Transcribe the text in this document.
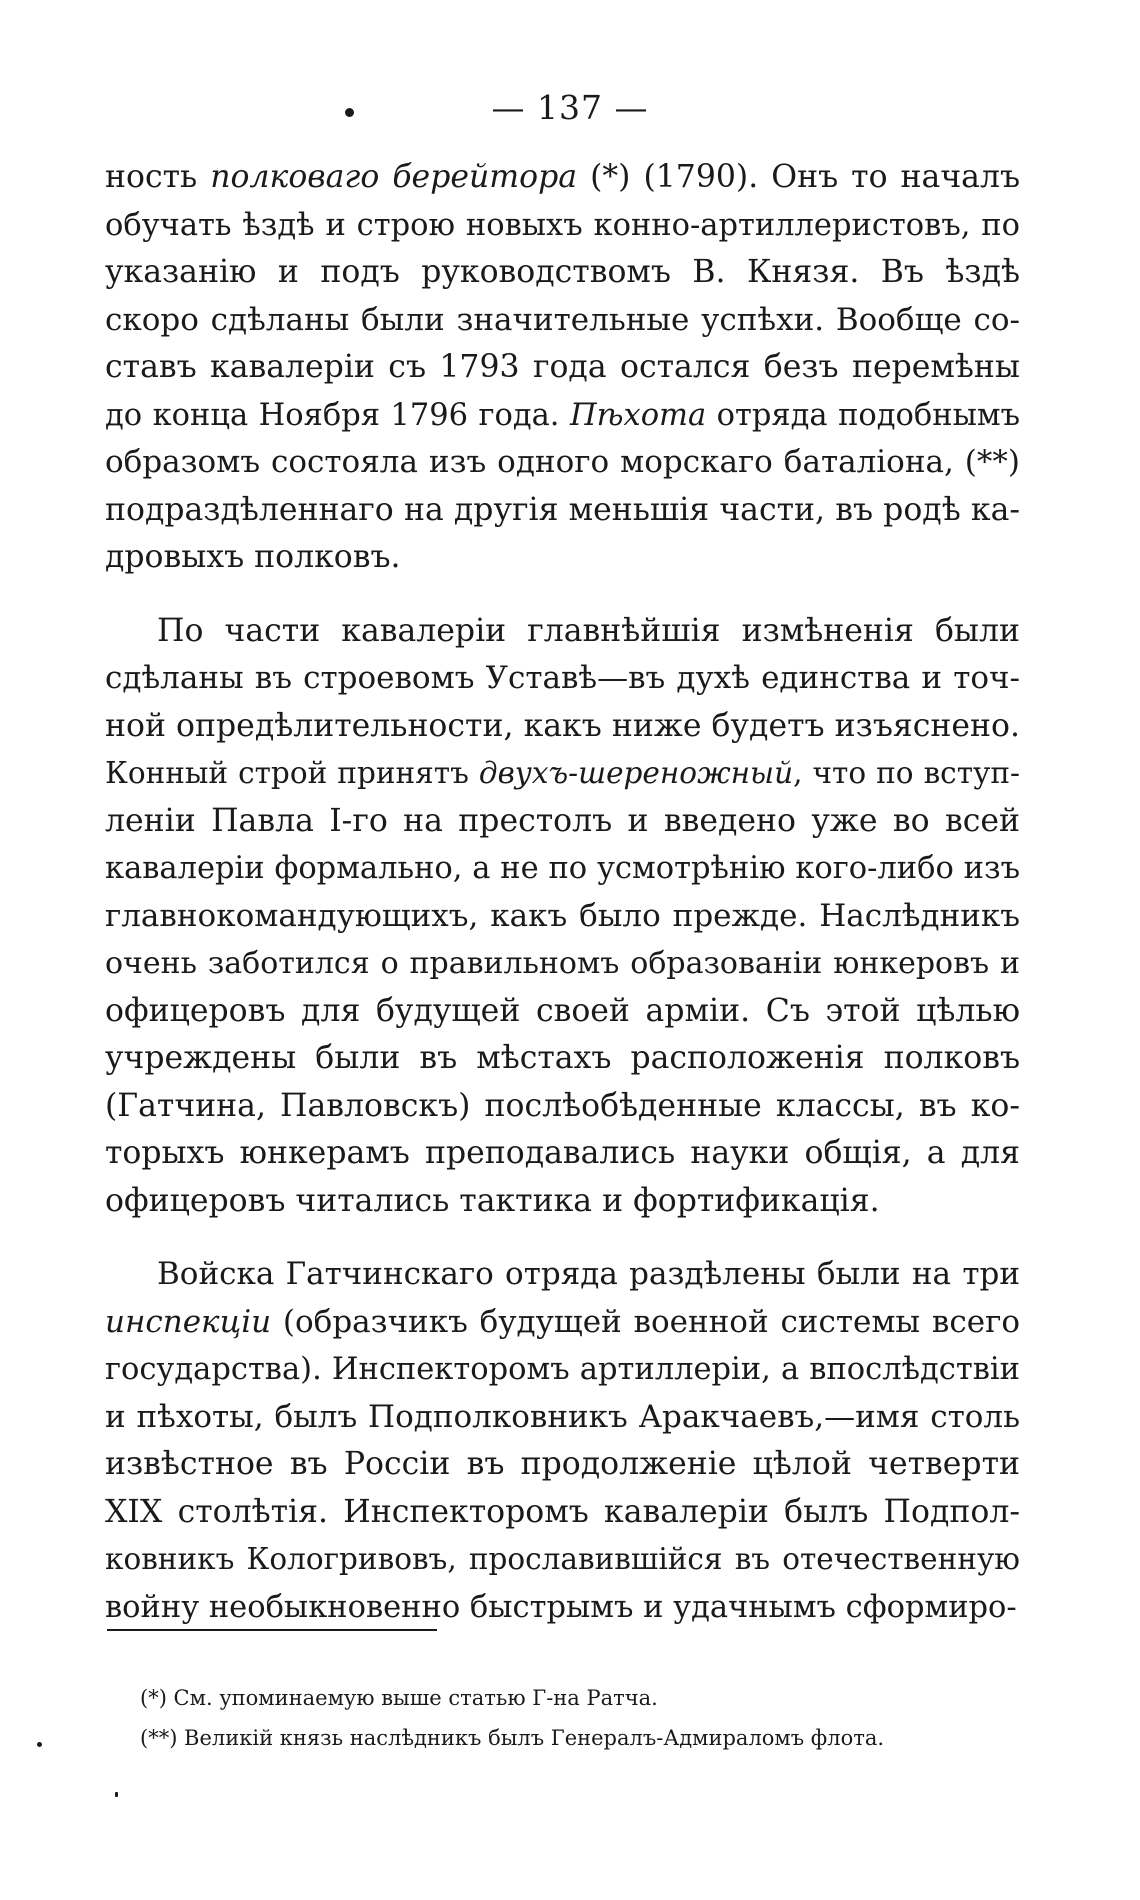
— 137 —

ность полковаго берейтора (*) (1790). Онъ то началъ
обучать ѣздѣ и строю новыхъ конно-артиллеристовъ, по
указанію и подъ руководствомъ В. Князя. Въ ѣздѣ
скоро сдѣланы были значительные успѣхи. Вообще со-
ставъ кавалеріи съ 1793 года остался безъ перемѣны
до конца Ноября 1796 года. Пѣхота отряда подобнымъ
образомъ состояла изъ одного морскаго баталіона, (**)
подраздѣленнаго на другія меньшія части, въ родѣ ка-
дровыхъ полковъ.

По части кавалеріи главнѣйшія измѣненія были
сдѣланы въ строевомъ Уставѣ—въ духѣ единства и точ-
ной опредѣлительности, какъ ниже будетъ изъяснено.
Конный строй принятъ двухъ-шереножный, что по вступ-
леніи Павла I-го на престолъ и введено уже во всей
кавалеріи формально, а не по усмотрѣнію кого-либо изъ
главнокомандующихъ, какъ было прежде. Наслѣдникъ
очень заботился о правильномъ образованіи юнкеровъ и
офицеровъ для будущей своей арміи. Съ этой цѣлью
учреждены были въ мѣстахъ расположенія полковъ
(Гатчина, Павловскъ) послѣобѣденные классы, въ ко-
торыхъ юнкерамъ преподавались науки общія, а для
офицеровъ читались тактика и фортификація.

Войска Гатчинскаго отряда раздѣлены были на три
инспекціи (образчикъ будущей военной системы всего
государства). Инспекторомъ артиллеріи, а впослѣдствіи
и пѣхоты, былъ Подполковникъ Аракчаевъ,—имя столь
извѣстное въ Россіи въ продолженіе цѣлой четверти
XIX столѣтія. Инспекторомъ кавалеріи былъ Подпол-
ковникъ Кологривовъ, прославившійся въ отечественную
войну необыкновенно быстрымъ и удачнымъ сформиро-

(*) См. упоминаемую выше статью Г-на Ратча.

(**) Великій князь наслѣдникъ былъ Генералъ-Адмираломъ флота.
